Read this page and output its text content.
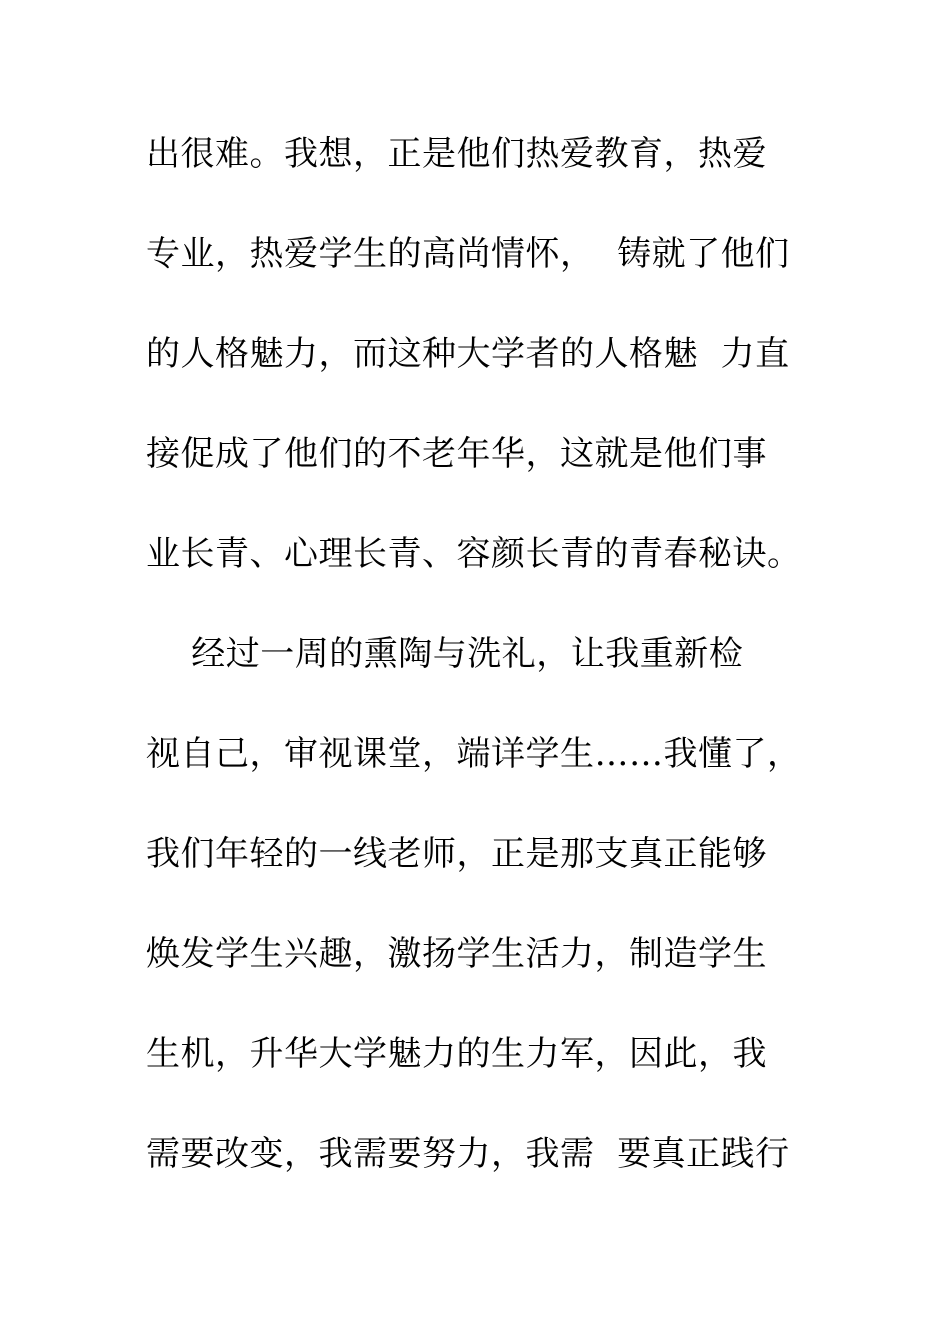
出很难。我想，正是他们热爱教育，热爱
专业，热爱学生的高尚情怀，  铸就了他们
的人格魅力，而这种大学者的人格魅  力直
接促成了他们的不老年华，这就是他们事
业长青、心理长青、容颜长青的青春秘诀。
经过一周的熏陶与洗礼，让我重新检
视自己，审视课堂，端详学生……我懂了，
我们年轻的一线老师，正是那支真正能够
焕发学生兴趣，激扬学生活力，制造学生
生机，升华大学魅力的生力军，因此，我
需要改变，我需要努力，我需  要真正践行
